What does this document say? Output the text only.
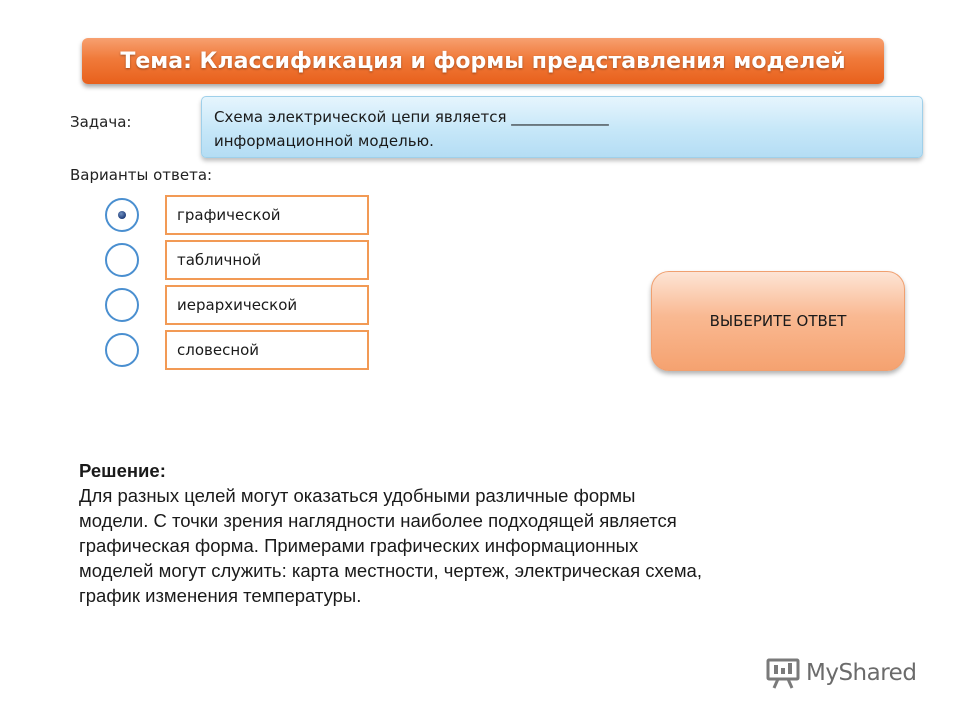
Тема: Классификация и формы представления моделей
Задача:	Схема электрической цепи является _____________
информационной моделью.
Варианты ответа:
графической
табличной
иерархической
словесной
ВЫБЕРИТЕ ОТВЕТ
Решение:
Для разных целей могут оказаться удобными различные формы
модели. С точки зрения наглядности наиболее подходящей является
графическая форма. Примерами графических информационных
моделей могут служить: карта местности, чертеж, электрическая схема,
график изменения температуры.
MyShared
